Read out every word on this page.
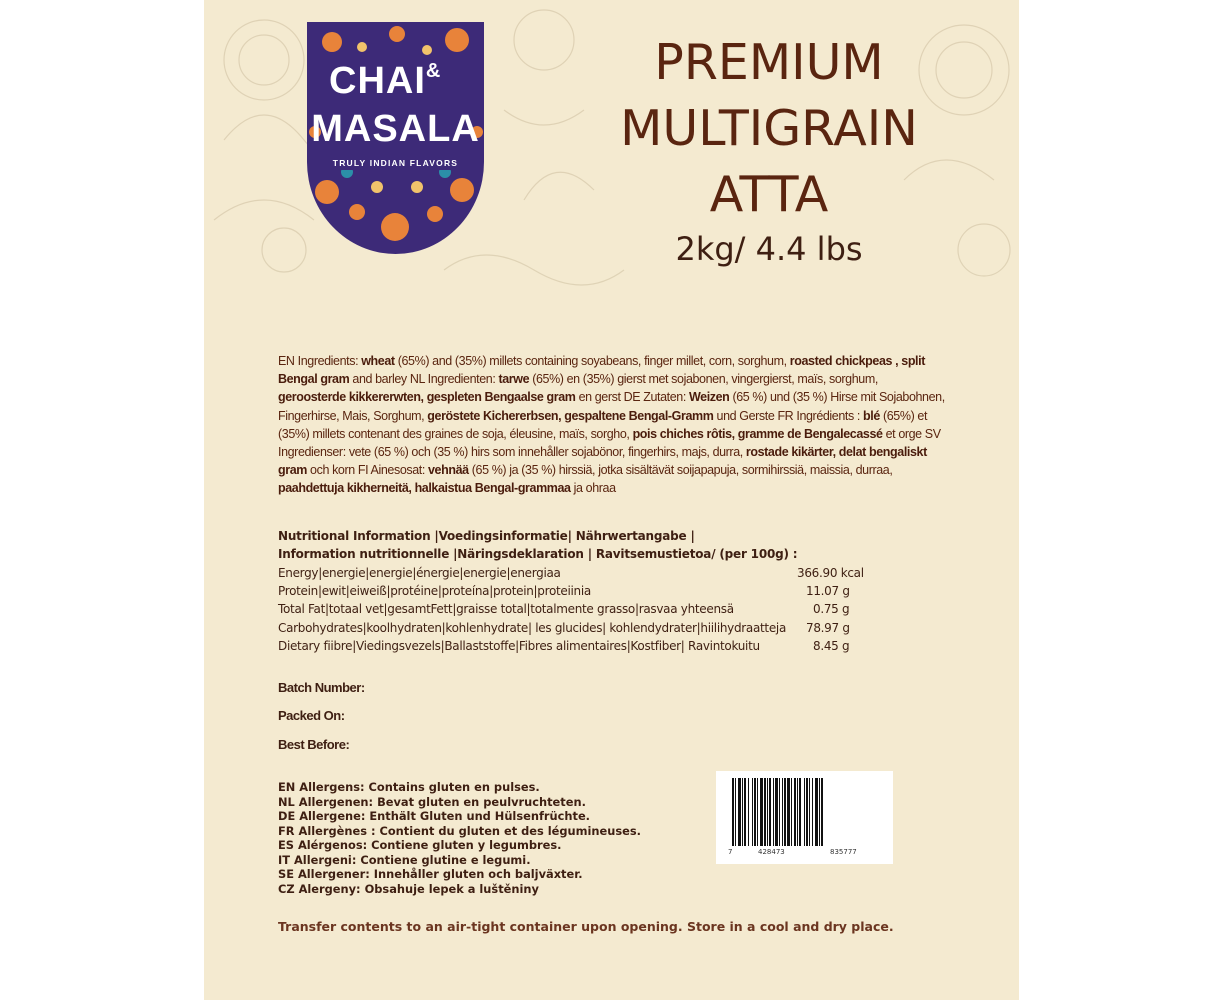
CHAI&
MASALA
TRULY INDIAN FLAVORS
PREMIUM
MULTIGRAIN
ATTA
2kg/ 4.4 lbs
EN Ingredients: wheat (65%) and (35%) millets containing soyabeans, finger millet, corn, sorghum, roasted chickpeas , split Bengal gram and barley NL Ingredienten: tarwe (65%) en (35%) gierst met sojabonen, vingergierst, maïs, sorghum, geroosterde kikkererwten, gespleten Bengaalse gram en gerst DE Zutaten: Weizen (65 %) und (35 %) Hirse mit Sojabohnen, Fingerhirse, Mais, Sorghum, geröstete Kichererbsen, gespaltene Bengal-Gramm und Gerste FR Ingrédients : blé (65%) et (35%) millets contenant des graines de soja, éleusine, maïs, sorgho, pois chiches rôtis, gramme de Bengalecassé et orge SV Ingredienser: vete (65 %) och (35 %) hirs som innehåller sojabönor, fingerhirs, majs, durra, rostade kikärter, delat bengaliskt gram och korn FI Ainesosat: vehnää (65 %) ja (35 %) hirssiä, jotka sisältävät soijapapuja, sormihirssiä, maissia, durraa, paahdettuja kikherneitä, halkaistua Bengal-grammaa ja ohraa
Nutritional Information |Voedingsinformatie| Nährwertangabe |
Information nutritionnelle |Näringsdeklaration | Ravitsemustietoa/ (per 100g) :
Energy|energie|energie|énergie|energie|energiaa	366.90 kcal
Protein|ewit|eiweiß|protéine|proteína|protein|proteiinia	11.07 g
Total Fat|totaal vet|gesamtFett|graisse total|totalmente grasso|rasvaa yhteensä	0.75 g
Carbohydrates|koolhydraten|kohlenhydrate| les glucides| kohlendydrater|hiilihydraatteja 78.97 g
Dietary fiibre|Viedingsvezels|Ballaststoffe|Fibres alimentaires|Kostfiber| Ravintokuitu	8.45 g
Batch Number:
Packed On:
Best Before:
EN Allergens: Contains gluten en pulses.
NL Allergenen: Bevat gluten en peulvruchteten.
DE Allergene: Enthält Gluten und Hülsenfrüchte.
FR Allergènes : Contient du gluten et des légumineuses.
ES Alérgenos: Contiene gluten y legumbres.
IT Allergeni: Contiene glutine e legumi.
SE Allergener: Innehåller gluten och baljväxter.
CZ Alergeny: Obsahuje lepek a luštěniny
7	428473	835777
Transfer contents to an air-tight container upon opening. Store in a cool and dry place.
